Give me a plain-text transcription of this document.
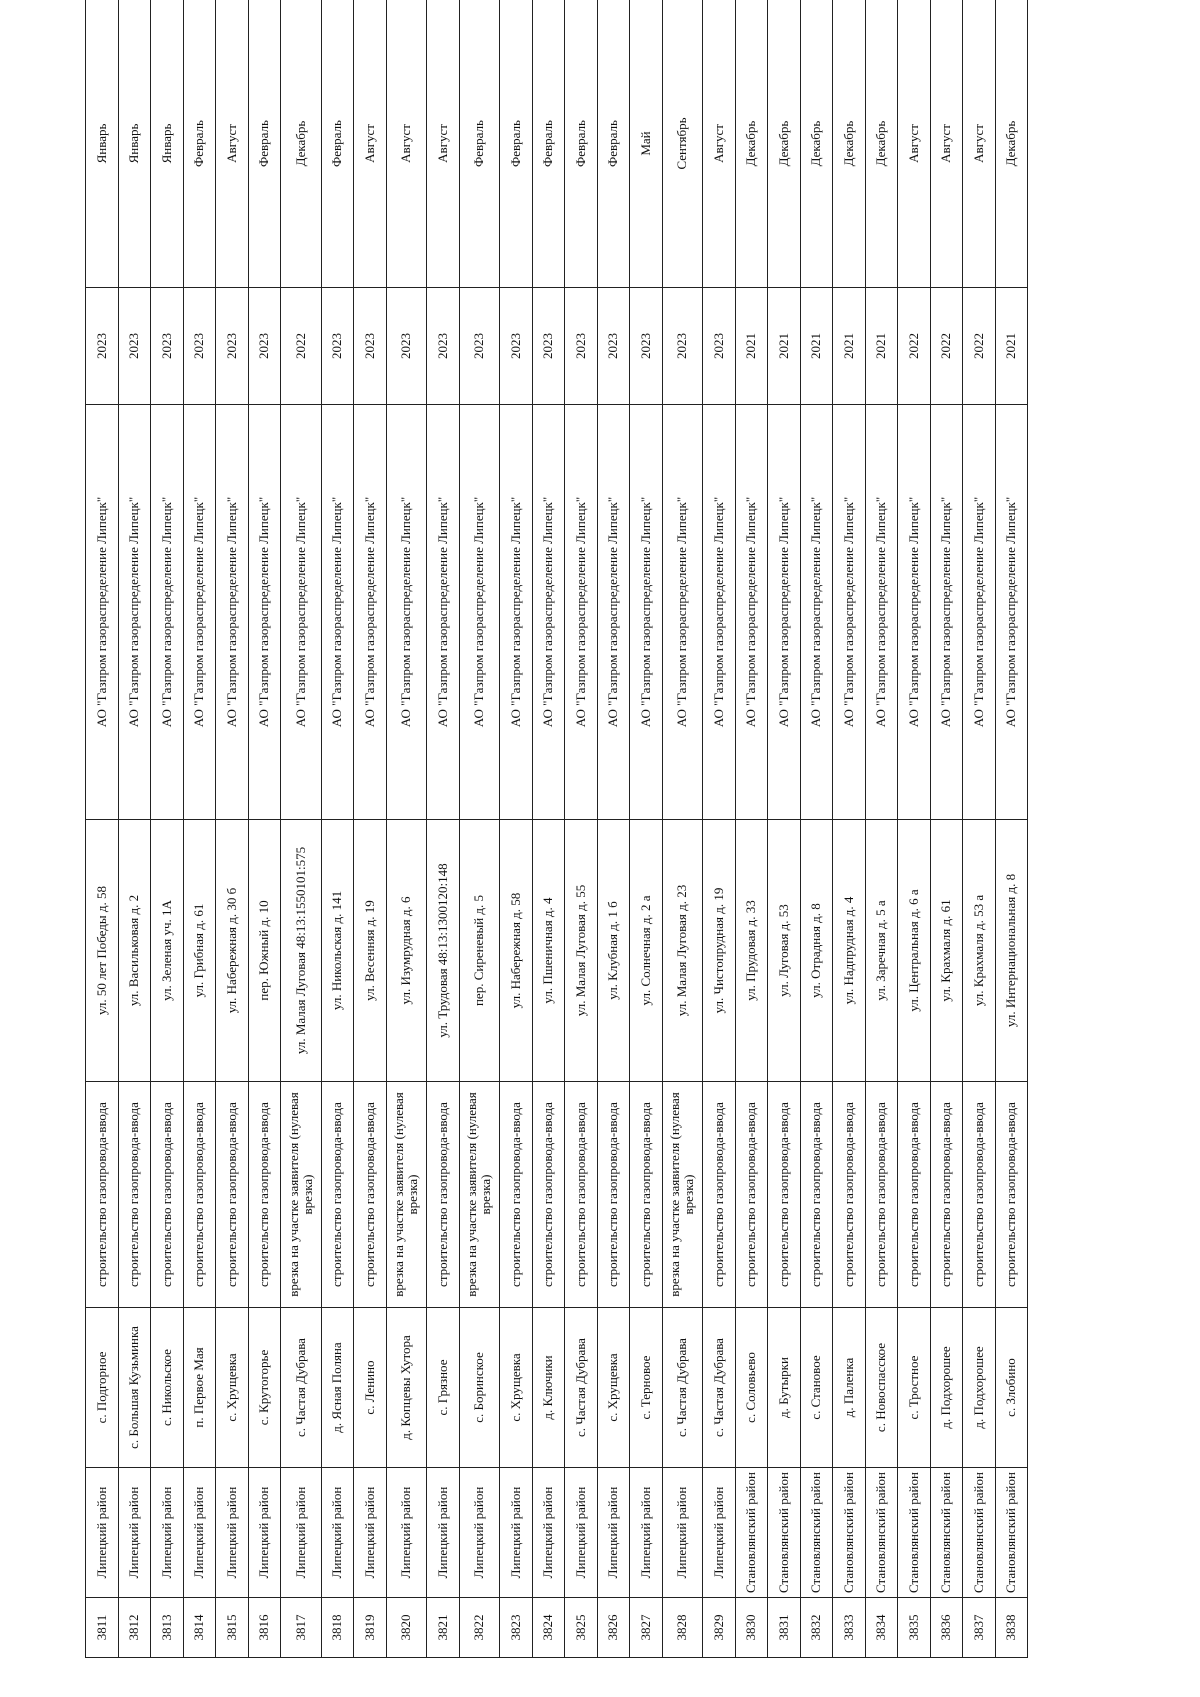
3811	Липецкий район	с. Подгорное	строительство газопровода-ввода	ул. 50 лет Победы д. 58	АО "Газпром газораспределение Липецк"	2023	Январь
3812	Липецкий район	с. Большая Кузьминка	строительство газопровода-ввода	ул. Васильковая д. 2	АО "Газпром газораспределение Липецк"	2023	Январь
3813	Липецкий район	с. Никольское	строительство газопровода-ввода	ул. Зеленая уч. 1А	АО "Газпром газораспределение Липецк"	2023	Январь
3814	Липецкий район	п. Первое Мая	строительство газопровода-ввода	ул. Грибная д. 61	АО "Газпром газораспределение Липецк"	2023	Февраль
3815	Липецкий район	с. Хрущевка	строительство газопровода-ввода	ул. Набережная д. 30 б	АО "Газпром газораспределение Липецк"	2023	Август
3816	Липецкий район	с. Крутогорье	строительство газопровода-ввода	пер. Южный д. 10	АО "Газпром газораспределение Липецк"	2023	Февраль
3817	Липецкий район	с. Частая Дубрава	врезка на участке заявителя (нулевая врезка)	ул. Малая Луговая 48:13:1550101:575	АО "Газпром газораспределение Липецк"	2022	Декабрь
3818	Липецкий район	д. Ясная Поляна	строительство газопровода-ввода	ул. Никольская д. 141	АО "Газпром газораспределение Липецк"	2023	Февраль
3819	Липецкий район	с. Ленино	строительство газопровода-ввода	ул. Весенняя д. 19	АО "Газпром газораспределение Липецк"	2023	Август
3820	Липецкий район	д. Копцевы Хутора	врезка на участке заявителя (нулевая врезка)	ул. Изумрудная д. 6	АО "Газпром газораспределение Липецк"	2023	Август
3821	Липецкий район	с. Грязное	строительство газопровода-ввода	ул. Трудовая 48:13:1300120:148	АО "Газпром газораспределение Липецк"	2023	Август
3822	Липецкий район	с. Боринское	врезка на участке заявителя (нулевая врезка)	пер. Сиреневый д. 5	АО "Газпром газораспределение Липецк"	2023	Февраль
3823	Липецкий район	с. Хрущевка	строительство газопровода-ввода	ул. Набережная д. 58	АО "Газпром газораспределение Липецк"	2023	Февраль
3824	Липецкий район	д. Ключики	строительство газопровода-ввода	ул. Пшеничная д. 4	АО "Газпром газораспределение Липецк"	2023	Февраль
3825	Липецкий район	с. Частая Дубрава	строительство газопровода-ввода	ул. Малая Луговая д. 55	АО "Газпром газораспределение Липецк"	2023	Февраль
3826	Липецкий район	с. Хрущевка	строительство газопровода-ввода	ул. Клубная д. 1 б	АО "Газпром газораспределение Липецк"	2023	Февраль
3827	Липецкий район	с. Терновое	строительство газопровода-ввода	ул. Солнечная д. 2 а	АО "Газпром газораспределение Липецк"	2023	Май
3828	Липецкий район	с. Частая Дубрава	врезка на участке заявителя (нулевая врезка)	ул. Малая Луговая д. 23	АО "Газпром газораспределение Липецк"	2023	Сентябрь
3829	Липецкий район	с. Частая Дубрава	строительство газопровода-ввода	ул. Чистопрудная д. 19	АО "Газпром газораспределение Липецк"	2023	Август
3830	Становлянский район	с. Соловьево	строительство газопровода-ввода	ул. Прудовая д. 33	АО "Газпром газораспределение Липецк"	2021	Декабрь
3831	Становлянский район	д. Бутырки	строительство газопровода-ввода	ул. Луговая д. 53	АО "Газпром газораспределение Липецк"	2021	Декабрь
3832	Становлянский район	с. Становое	строительство газопровода-ввода	ул. Отрадная д. 8	АО "Газпром газораспределение Липецк"	2021	Декабрь
3833	Становлянский район	д. Паленка	строительство газопровода-ввода	ул. Надпрудная д. 4	АО "Газпром газораспределение Липецк"	2021	Декабрь
3834	Становлянский район	с. Новоспасское	строительство газопровода-ввода	ул. Заречная д. 5 а	АО "Газпром газораспределение Липецк"	2021	Декабрь
3835	Становлянский район	с. Тростное	строительство газопровода-ввода	ул. Центральная д. 6 а	АО "Газпром газораспределение Липецк"	2022	Август
3836	Становлянский район	д. Подхорошее	строительство газопровода-ввода	ул. Крахмаля д. 61	АО "Газпром газораспределение Липецк"	2022	Август
3837	Становлянский район	д. Подхорошее	строительство газопровода-ввода	ул. Крахмаля д. 53 а	АО "Газпром газораспределение Липецк"	2022	Август
3838	Становлянский район	с. Злобино	строительство газопровода-ввода	ул. Интернациональная д. 8	АО "Газпром газораспределение Липецк"	2021	Декабрь
